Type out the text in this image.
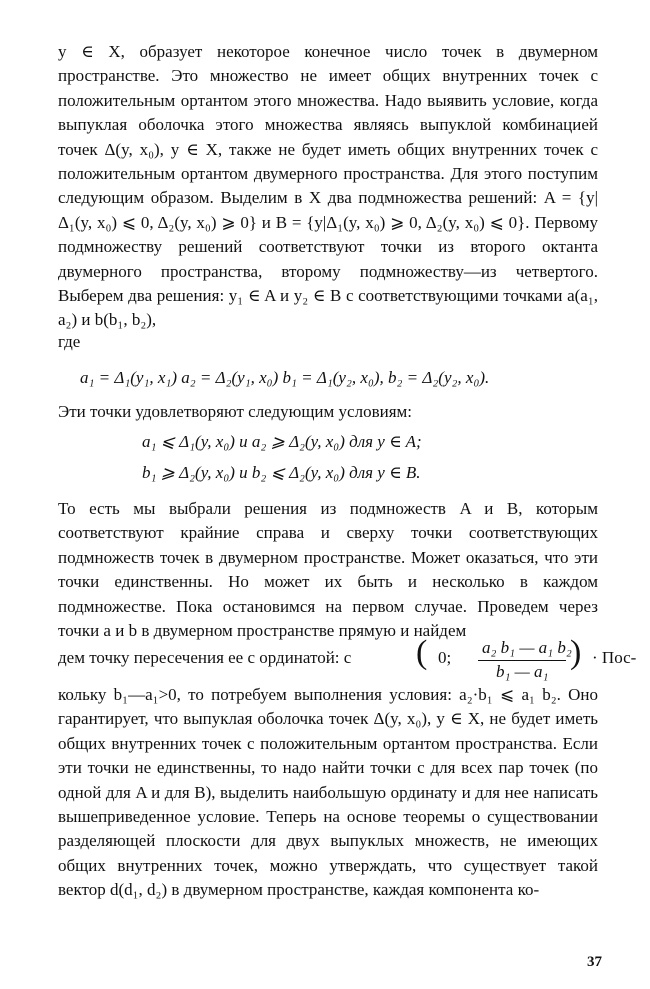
y ∈ X, образует некоторое конечное число точек в двумерном пространстве. Это множество не имеет общих внутренних точек с положительным ортантом этого множества. Надо выявить условие, когда выпуклая оболочка этого множества являясь выпуклой комбинацией точек Δ(y, x₀), y ∈ X, также не будет иметь общих внутренних точек с положительным ортантом двумерного пространства. Для этого поступим следующим образом. Выделим в X два подмножества решений: A = {y|Δ₁(y, x₀) ⩽ 0, Δ₂(y, x₀) ⩾ 0} и B = {y|Δ₁(y, x₀) ⩾ 0, Δ₂(y, x₀) ⩽ 0}. Первому подмножеству решений соответствуют точки из второго октанта двумерного пространства, второму подмножеству—из четвертого. Выберем два решения: y₁ ∈ A и y₂ ∈ B с соответствующими точками a(a₁, a₂) и b(b₁, b₂),

где
a₁ = Δ₁(y₁, x₁) a₂ = Δ₂(y₁, x₀) b₁ = Δ₁(y₂, x₀), b₂ = Δ₂(y₂, x₀).
Эти точки удовлетворяют следующим условиям:
a₁ ⩽ Δ₁(y, x₀) и a₂ ⩾ Δ₂(y, x₀) для y ∈ A;
b₁ ⩾ Δ₂(y, x₀) и b₂ ⩽ Δ₂(y, x₀) для y ∈ B.

То есть мы выбрали решения из подмножеств A и B, которым соответствуют крайние справа и сверху точки соответствующих подмножеств точек в двумерном пространстве. Может оказаться, что эти точки единственны. Но может их быть и несколько в каждом подмножестве. Пока остановимся на первом случае. Проведем через точки a и b в двумерном пространстве прямую и найдем

дем точку пересечения ее с ординатой: c ( 0;
a₂ b₁ — a₁ b₂
b₁ — a₁
) · Пос-

кольку b₁—a₁>0, то потребуем выполнения условия: a₂·b₁ ⩽ a₁ b₂. Оно гарантирует, что выпуклая оболочка точек Δ(y, x₀), y ∈ X, не будет иметь общих внутренних точек с положительным ортантом пространства. Если эти точки не единственны, то надо найти точки c для всех пар точек (по одной для A и для B), выделить наибольшую ординату и для нее написать вышеприведенное условие. Теперь на основе теоремы о существовании разделяющей плоскости для двух выпуклых множеств, не имеющих общих внутренних точек, можно утверждать, что существует такой вектор d(d₁, d₂) в двумерном пространстве, каждая компонента ко-

37
